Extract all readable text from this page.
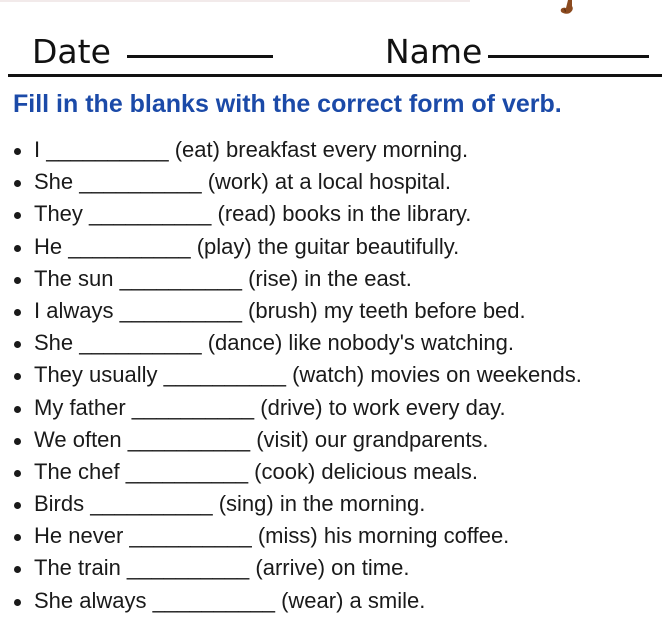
Date	Name
Fill in the blanks with the correct form of verb.
I __________ (eat) breakfast every morning.
She __________ (work) at a local hospital.
They __________ (read) books in the library.
He __________ (play) the guitar beautifully.
The sun __________ (rise) in the east.
I always __________ (brush) my teeth before bed.
She __________ (dance) like nobody's watching.
They usually __________ (watch) movies on weekends.
My father __________ (drive) to work every day.
We often __________ (visit) our grandparents.
The chef __________ (cook) delicious meals.
Birds __________ (sing) in the morning.
He never __________ (miss) his morning coffee.
The train __________ (arrive) on time.
She always __________ (wear) a smile.
